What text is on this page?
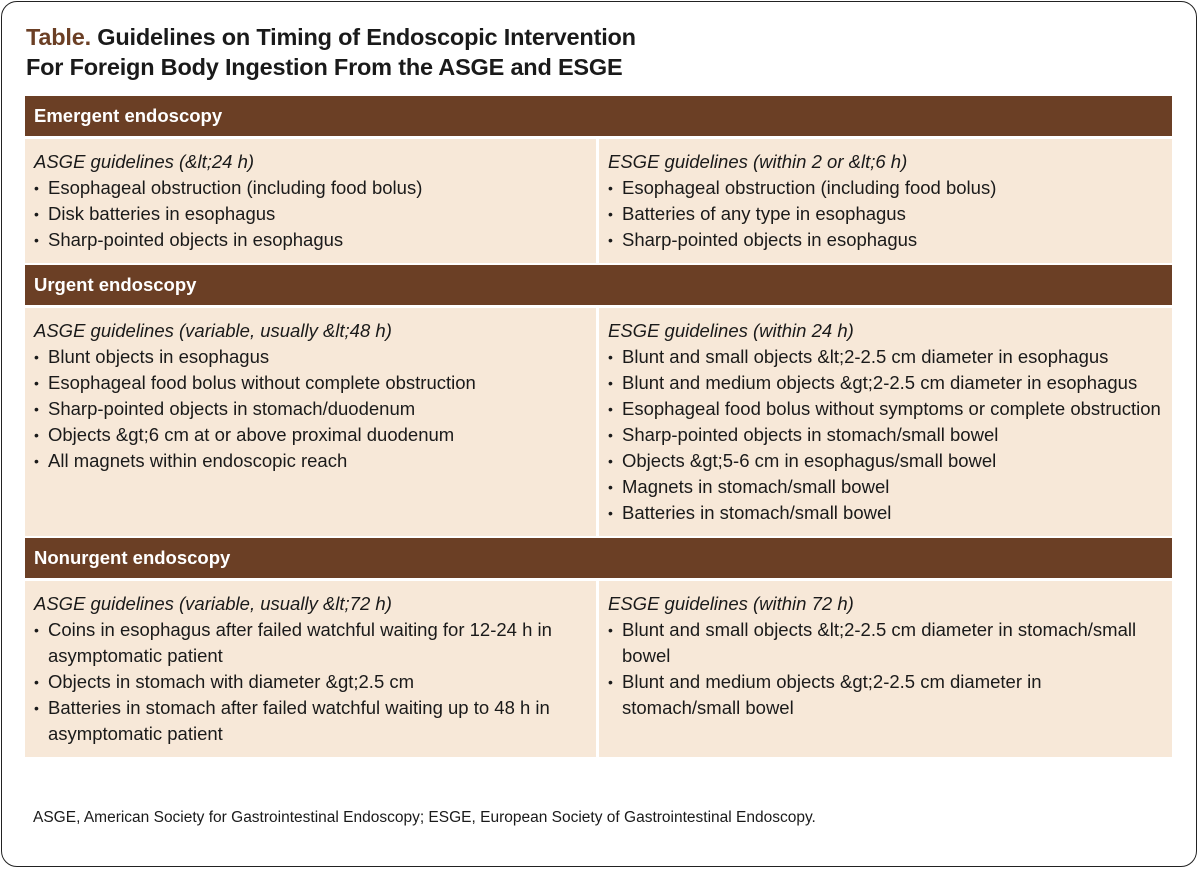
Table. Guidelines on Timing of Endoscopic Intervention
For Foreign Body Ingestion From the ASGE and ESGE
Emergent endoscopy
ASGE guidelines (&lt;24 h)
• Esophageal obstruction (including food bolus)
• Disk batteries in esophagus
• Sharp-pointed objects in esophagus
ESGE guidelines (within 2 or &lt;6 h)
• Esophageal obstruction (including food bolus)
• Batteries of any type in esophagus
• Sharp-pointed objects in esophagus
Urgent endoscopy
ASGE guidelines (variable, usually &lt;48 h)
• Blunt objects in esophagus
• Esophageal food bolus without complete obstruction
• Sharp-pointed objects in stomach/duodenum
• Objects &gt;6 cm at or above proximal duodenum
• All magnets within endoscopic reach
ESGE guidelines (within 24 h)
• Blunt and small objects &lt;2-2.5 cm diameter in esophagus
• Blunt and medium objects &gt;2-2.5 cm diameter in esophagus
• Esophageal food bolus without symptoms or complete obstruction
• Sharp-pointed objects in stomach/small bowel
• Objects &gt;5-6 cm in esophagus/small bowel
• Magnets in stomach/small bowel
• Batteries in stomach/small bowel
Nonurgent endoscopy
ASGE guidelines (variable, usually &lt;72 h)
• Coins in esophagus after failed watchful waiting for 12-24 h in asymptomatic patient
• Objects in stomach with diameter &gt;2.5 cm
• Batteries in stomach after failed watchful waiting up to 48 h in asymptomatic patient
ESGE guidelines (within 72 h)
• Blunt and small objects &lt;2-2.5 cm diameter in stomach/small bowel
• Blunt and medium objects &gt;2-2.5 cm diameter in stomach/small bowel
ASGE, American Society for Gastrointestinal Endoscopy; ESGE, European Society of Gastrointestinal Endoscopy.
